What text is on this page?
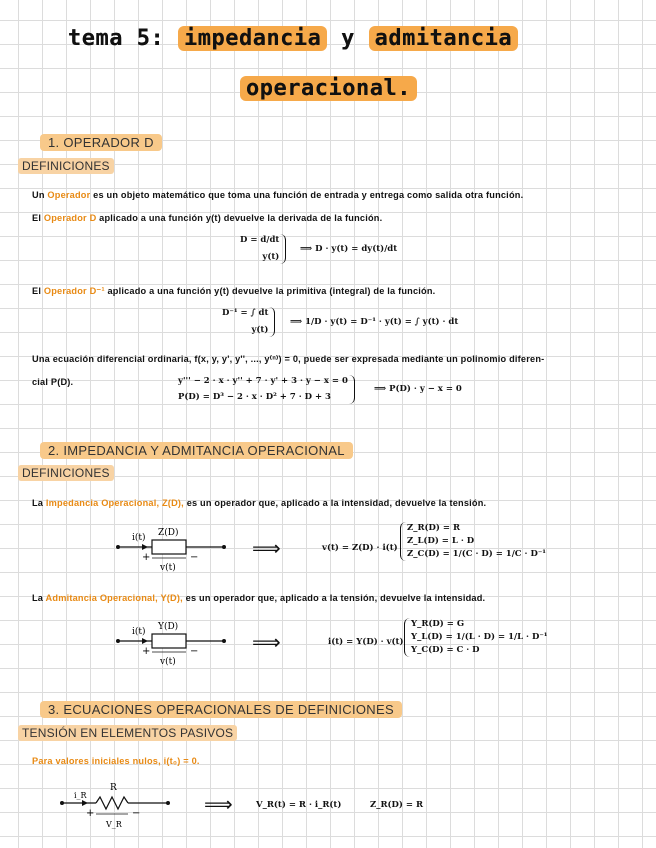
tema 5: impedancia y admitancia
operacional.
1. OPERADOR D
DEFINICIONES
Un Operador es un objeto matemático que toma una función de entrada y entrega como salida otra función.
El Operador D aplicado a una función y(t) devuelve la derivada de la función.
D = d/dt
y(t)
⟹ D · y(t) = dy(t)/dt
El Operador D⁻¹ aplicado a una función y(t) devuelve la primitiva (integral) de la función.
D⁻¹ = ∫ dt
y(t)
⟹ 1/D · y(t) = D⁻¹ · y(t) = ∫ y(t) · dt
Una ecuación diferencial ordinaria, f(x, y, y', y'', ..., y⁽ⁿ⁾) = 0, puede ser expresada mediante un polinomio diferen-
cial P(D).	y''' − 2 · x · y'' + 7 · y' + 3 · y − x = 0
P(D) = D³ − 2 · x · D² + 7 · D + 3
⟹ P(D) · y − x = 0
2. IMPEDANCIA Y ADMITANCIA OPERACIONAL
DEFINICIONES
La Impedancia Operacional, Z(D), es un operador que, aplicado a la intensidad, devuelve la tensión.
i(t) Z(D)
+	−
v(t)
⟹	v(t) = Z(D) · i(t)
Z_R(D) = R
Z_L(D) = L · D
Z_C(D) = 1/(C · D) = 1/C · D⁻¹
La Admitancia Operacional, Y(D), es un operador que, aplicado a la tensión, devuelve la intensidad.
i(t) Y(D)
+	−
v(t)
⟹	i(t) = Y(D) · v(t)
Y_R(D) = G
Y_L(D) = 1/(L · D) = 1/L · D⁻¹
Y_C(D) = C · D
3. ECUACIONES OPERACIONALES DE DEFINICIONES
TENSIÓN EN ELEMENTOS PASIVOS
Para valores iniciales nulos, i(t₀) = 0.
i_R
R
+	−
V_R
⟹	V_R(t) = R · i_R(t)	Z_R(D) = R
